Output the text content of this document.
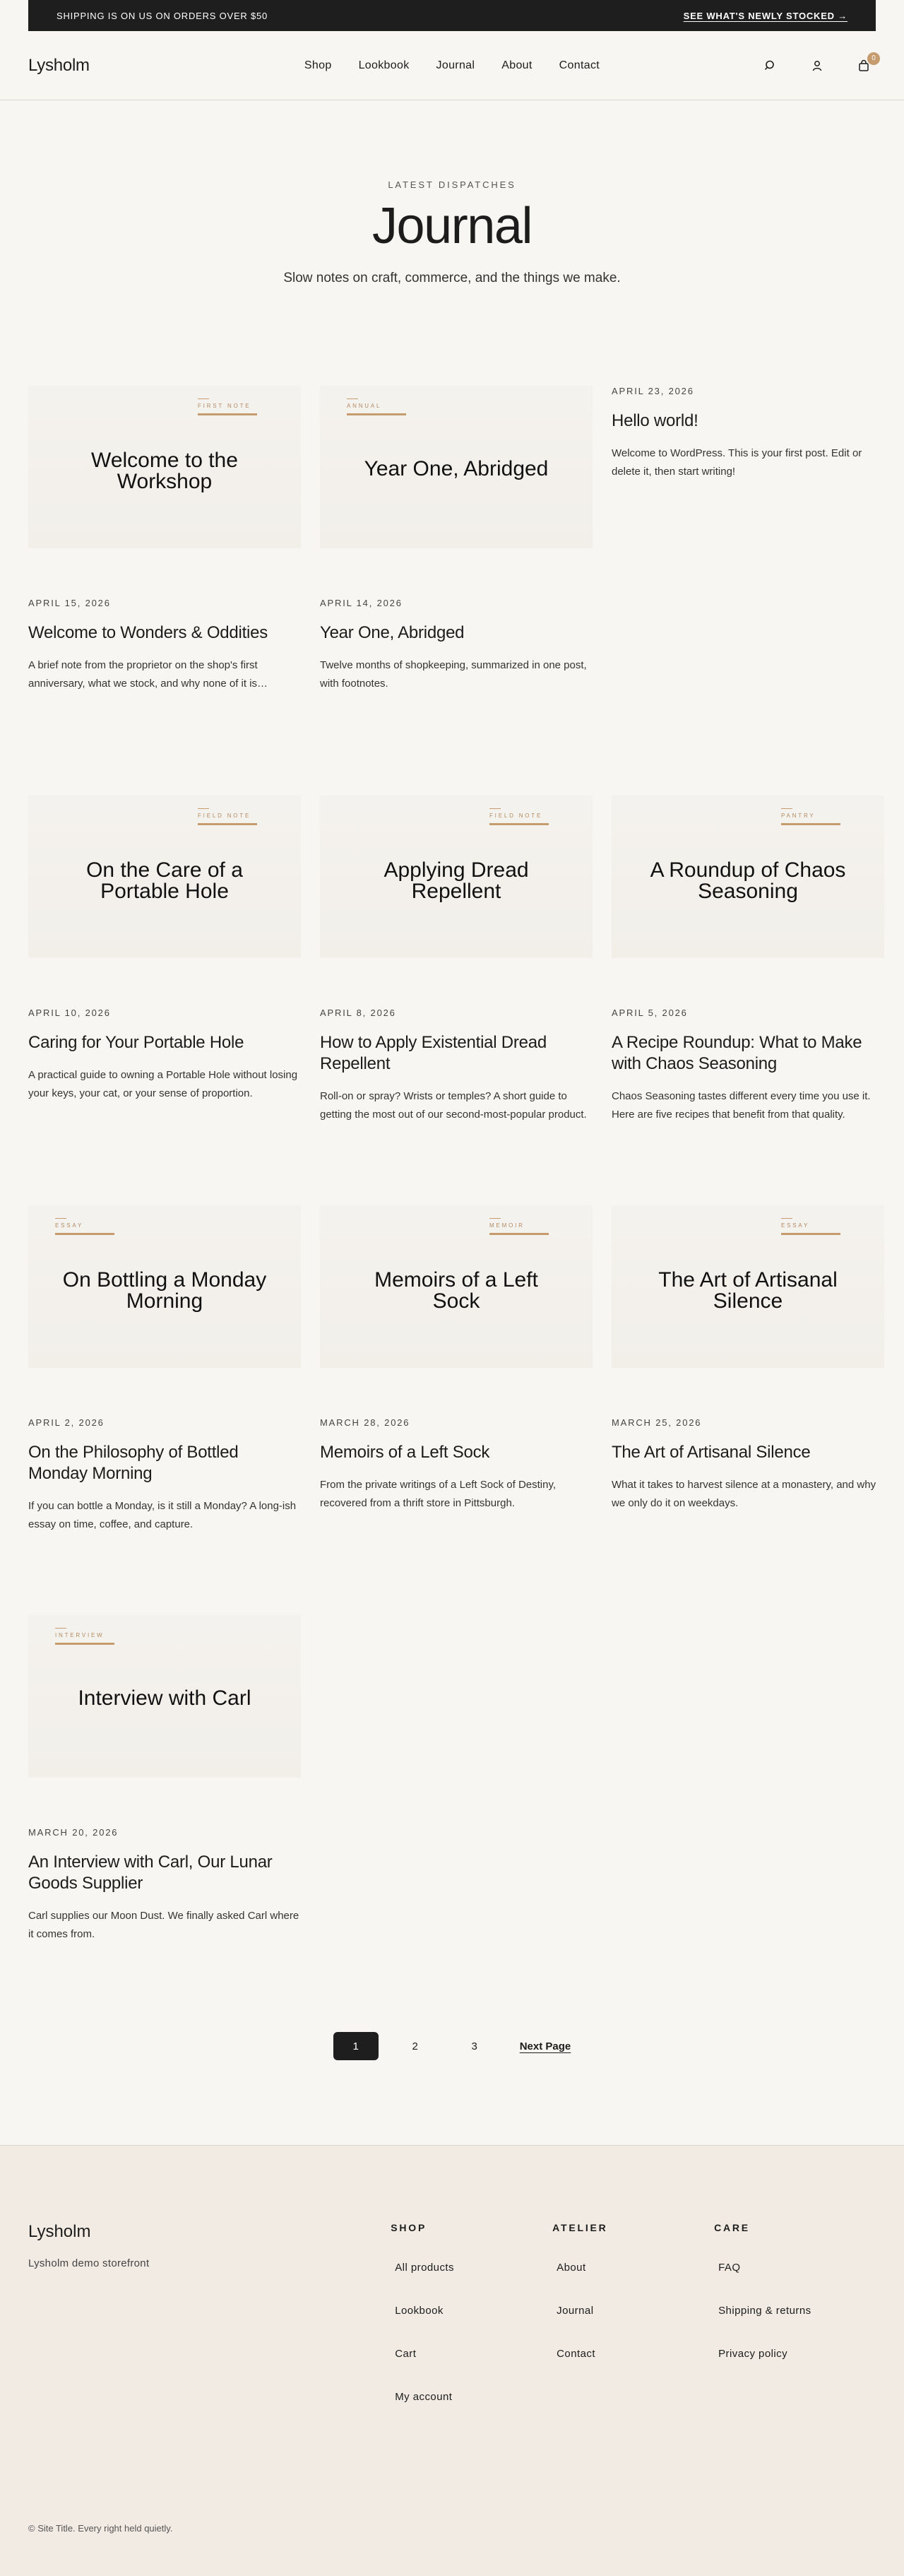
SHIPPING IS ON US ON ORDERS OVER $50	SEE WHAT'S NEWLY STOCKED →
Lysholm	Shop Lookbook Journal About Contact
0
LATEST DISPATCHES
Journal

Slow notes on craft, commerce, and the things we make.

FIRST NOTE
Welcome to the Workshop
APRIL 15, 2026
Welcome to Wonders & Oddities

A brief note from the proprietor on the shop's first anniversary, what we stock, and why none of it is…

ANNUAL
Year One, Abridged
APRIL 14, 2026
Year One, Abridged

Twelve months of shopkeeping, summarized in one post, with footnotes.

APRIL 23, 2026
Hello world!

Welcome to WordPress. This is your first post. Edit or delete it, then start writing!

FIELD NOTE
On the Care of a Portable Hole
APRIL 10, 2026
Caring for Your Portable Hole

A practical guide to owning a Portable Hole without losing your keys, your cat, or your sense of proportion.

FIELD NOTE
Applying Dread Repellent
APRIL 8, 2026
How to Apply Existential Dread Repellent

Roll-on or spray? Wrists or temples? A short guide to getting the most out of our second-most-popular product.

PANTRY
A Roundup of Chaos Seasoning
APRIL 5, 2026
A Recipe Roundup: What to Make with Chaos Seasoning

Chaos Seasoning tastes different every time you use it. Here are five recipes that benefit from that quality.

ESSAY
On Bottling a Monday Morning
APRIL 2, 2026
On the Philosophy of Bottled Monday Morning

If you can bottle a Monday, is it still a Monday? A long-ish essay on time, coffee, and capture.

MEMOIR
Memoirs of a Left Sock
MARCH 28, 2026
Memoirs of a Left Sock

From the private writings of a Left Sock of Destiny, recovered from a thrift store in Pittsburgh.

ESSAY
The Art of Artisanal Silence
MARCH 25, 2026
The Art of Artisanal Silence

What it takes to harvest silence at a monastery, and why we only do it on weekdays.

INTERVIEW
Interview with Carl
MARCH 20, 2026
An Interview with Carl, Our Lunar Goods Supplier

Carl supplies our Moon Dust. We finally asked Carl where it comes from.

1	2	3	Next Page
Lysholm
Lysholm demo storefront
SHOP
All products
Lookbook
Cart
My account
ATELIER
About
Journal
Contact
CARE
FAQ
Shipping & returns
Privacy policy
© Site Title. Every right held quietly.
